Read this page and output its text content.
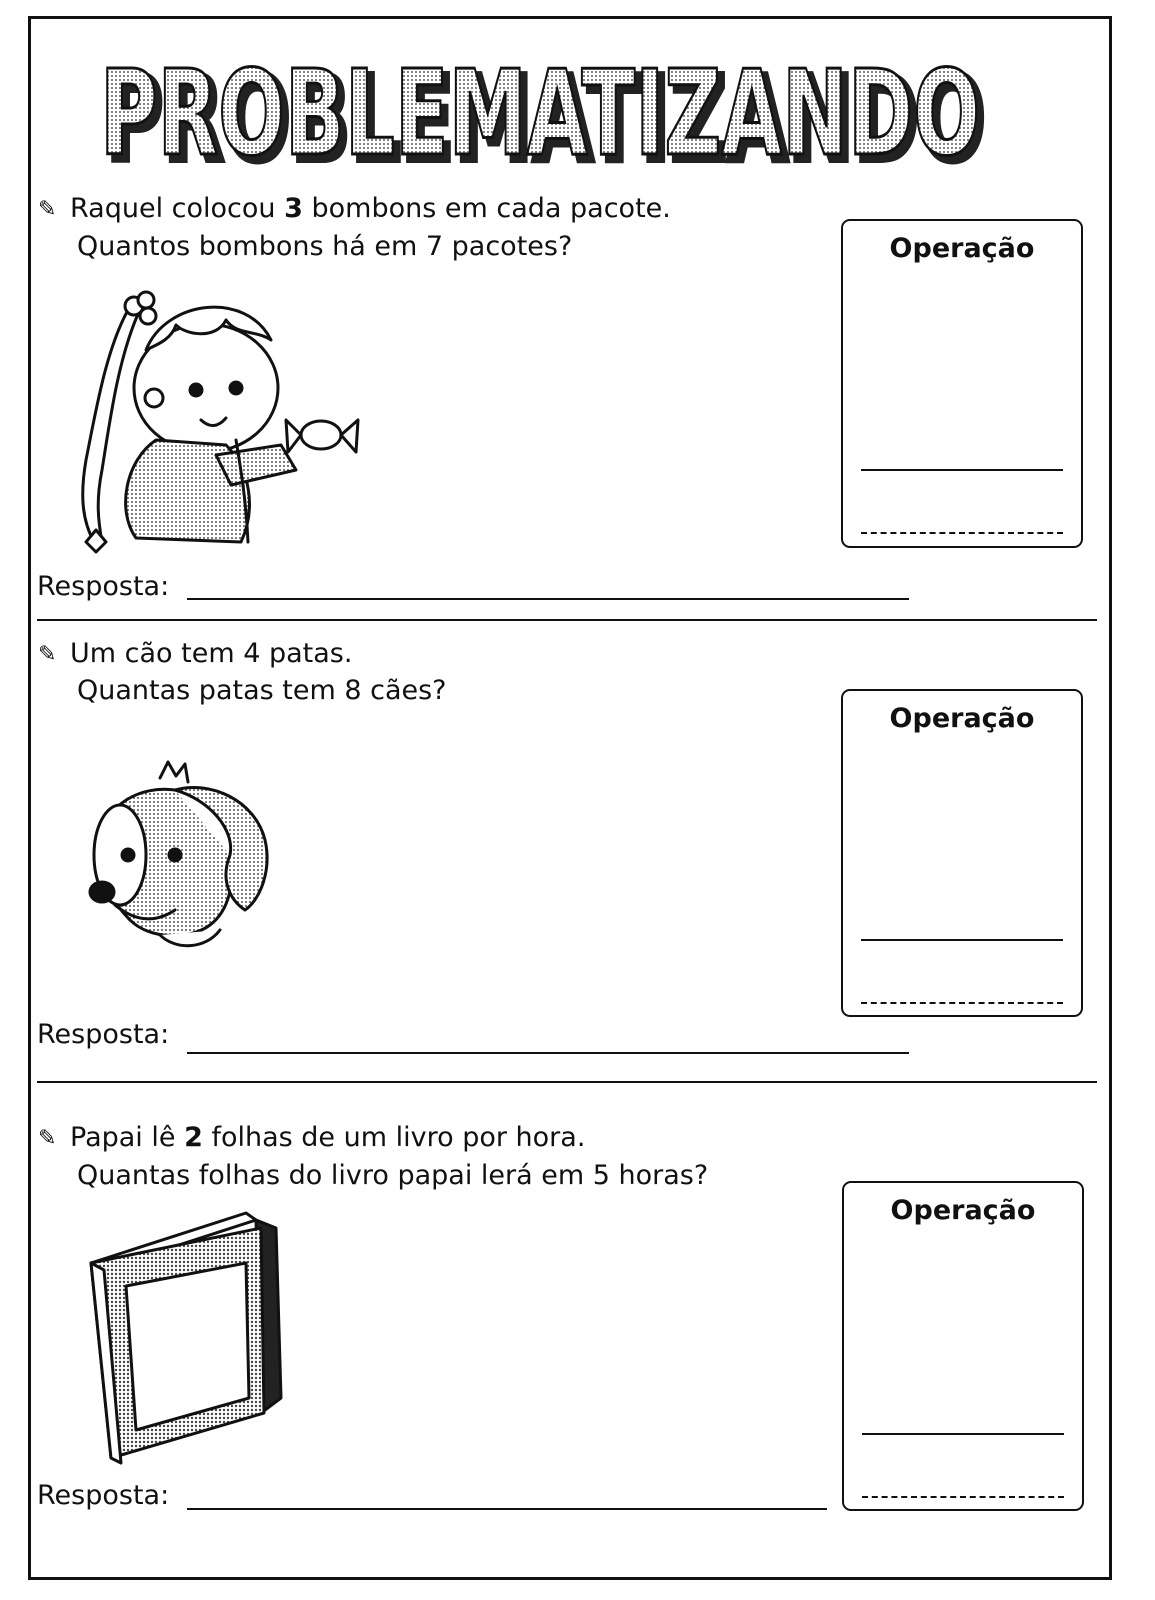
PROBLEMATIZANDO
PROBLEMATIZANDO
✎ Raquel colocou 3 bombons em cada pacote.
Quantos bombons há em 7 pacotes?	Operação
Resposta:
✎ Um cão tem 4 patas.
Quantas patas tem 8 cães?
Operação
Resposta:
✎ Papai lê 2 folhas de um livro por hora.
Quantas folhas do livro papai lerá em 5 horas?
Operação
Resposta:
